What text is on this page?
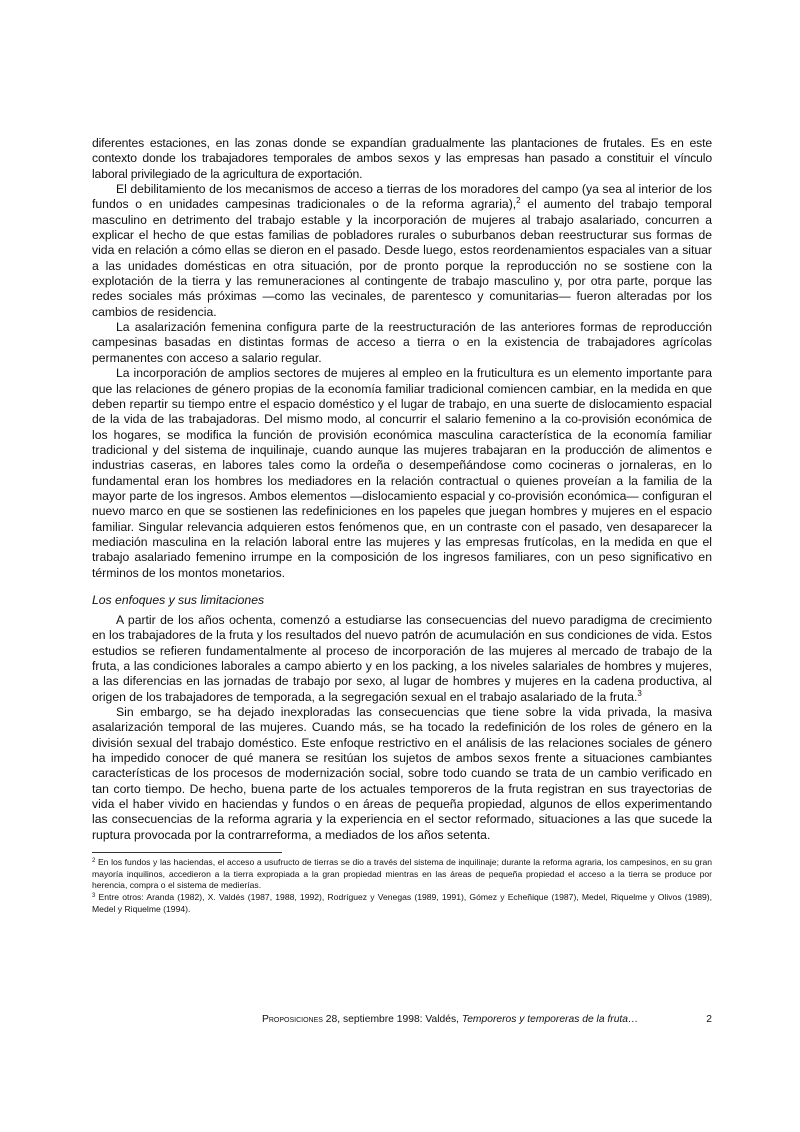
diferentes estaciones, en las zonas donde se expandían gradualmente las plantaciones de frutales. Es en este contexto donde los trabajadores temporales de ambos sexos y las empresas han pasado a constituir el vínculo laboral privilegiado de la agricultura de exportación.

El debilitamiento de los mecanismos de acceso a tierras de los moradores del campo (ya sea al interior de los fundos o en unidades campesinas tradicionales o de la reforma agraria),$^2$ el aumento del trabajo temporal masculino en detrimento del trabajo estable y la incorporación de mujeres al trabajo asalariado, concurren a explicar el hecho de que estas familias de pobladores rurales o suburbanos deban reestructurar sus formas de vida en relación a cómo ellas se dieron en el pasado. Desde luego, estos reordenamientos espaciales van a situar a las unidades domésticas en otra situación, por de pronto porque la reproducción no se sostiene con la explotación de la tierra y las remuneraciones al contingente de trabajo masculino y, por otra parte, porque las redes sociales más próximas —como las vecinales, de parentesco y comunitarias— fueron alteradas por los cambios de residencia.

La asalarización femenina configura parte de la reestructuración de las anteriores formas de reproducción campesinas basadas en distintas formas de acceso a tierra o en la existencia de trabajadores agrícolas permanentes con acceso a salario regular.

La incorporación de amplios sectores de mujeres al empleo en la fruticultura es un elemento importante para que las relaciones de género propias de la economía familiar tradicional comiencen cambiar, en la medida en que deben repartir su tiempo entre el espacio doméstico y el lugar de trabajo, en una suerte de dislocamiento espacial de la vida de las trabajadoras. Del mismo modo, al concurrir el salario femenino a la co-provisión económica de los hogares, se modifica la función de provisión económica masculina característica de la economía familiar tradicional y del sistema de inquilinaje, cuando aunque las mujeres trabajaran en la producción de alimentos e industrias caseras, en labores tales como la ordeña o desempeñándose como cocineras o jornaleras, en lo fundamental eran los hombres los mediadores en la relación contractual o quienes proveían a la familia de la mayor parte de los ingresos. Ambos elementos —dislocamiento espacial y co-provisión económica— configuran el nuevo marco en que se sostienen las redefiniciones en los papeles que juegan hombres y mujeres en el espacio familiar. Singular relevancia adquieren estos fenómenos que, en un contraste con el pasado, ven desaparecer la mediación masculina en la relación laboral entre las mujeres y las empresas frutícolas, en la medida en que el trabajo asalariado femenino irrumpe en la composición de los ingresos familiares, con un peso significativo en términos de los montos monetarios.

Los enfoques y sus limitaciones

A partir de los años ochenta, comenzó a estudiarse las consecuencias del nuevo paradigma de crecimiento en los trabajadores de la fruta y los resultados del nuevo patrón de acumulación en sus condiciones de vida. Estos estudios se refieren fundamentalmente al proceso de incorporación de las mujeres al mercado de trabajo de la fruta, a las condiciones laborales a campo abierto y en los packing, a los niveles salariales de hombres y mujeres, a las diferencias en las jornadas de trabajo por sexo, al lugar de hombres y mujeres en la cadena productiva, al origen de los trabajadores de temporada, a la segregación sexual en el trabajo asalariado de la fruta.$^3$

Sin embargo, se ha dejado inexploradas las consecuencias que tiene sobre la vida privada, la masiva asalarización temporal de las mujeres. Cuando más, se ha tocado la redefinición de los roles de género en la división sexual del trabajo doméstico. Este enfoque restrictivo en el análisis de las relaciones sociales de género ha impedido conocer de qué manera se resitúan los sujetos de ambos sexos frente a situaciones cambiantes características de los procesos de modernización social, sobre todo cuando se trata de un cambio verificado en tan corto tiempo. De hecho, buena parte de los actuales temporeros de la fruta registran en sus trayectorias de vida el haber vivido en haciendas y fundos o en áreas de pequeña propiedad, algunos de ellos experimentando las consecuencias de la reforma agraria y la experiencia en el sector reformado, situaciones a las que sucede la ruptura provocada por la contrarreforma, a mediados de los años setenta.

$^2$ En los fundos y las haciendas, el acceso a usufructo de tierras se dio a través del sistema de inquilinaje; durante la reforma agraria, los campesinos, en su gran mayoría inquilinos, accedieron a la tierra expropiada a la gran propiedad mientras en las áreas de pequeña propiedad el acceso a la tierra se produce por herencia, compra o el sistema de medierías.

$^3$ Entre otros: Aranda (1982), X. Valdés (1987, 1988, 1992), Rodríguez y Venegas (1989, 1991), Gómez y Echeñique (1987), Medel, Riquelme y Olivos (1989), Medel y Riquelme (1994).

Proposiciones 28, septiembre 1998: Valdés, Temporeros y temporeras de la fruta…	2
